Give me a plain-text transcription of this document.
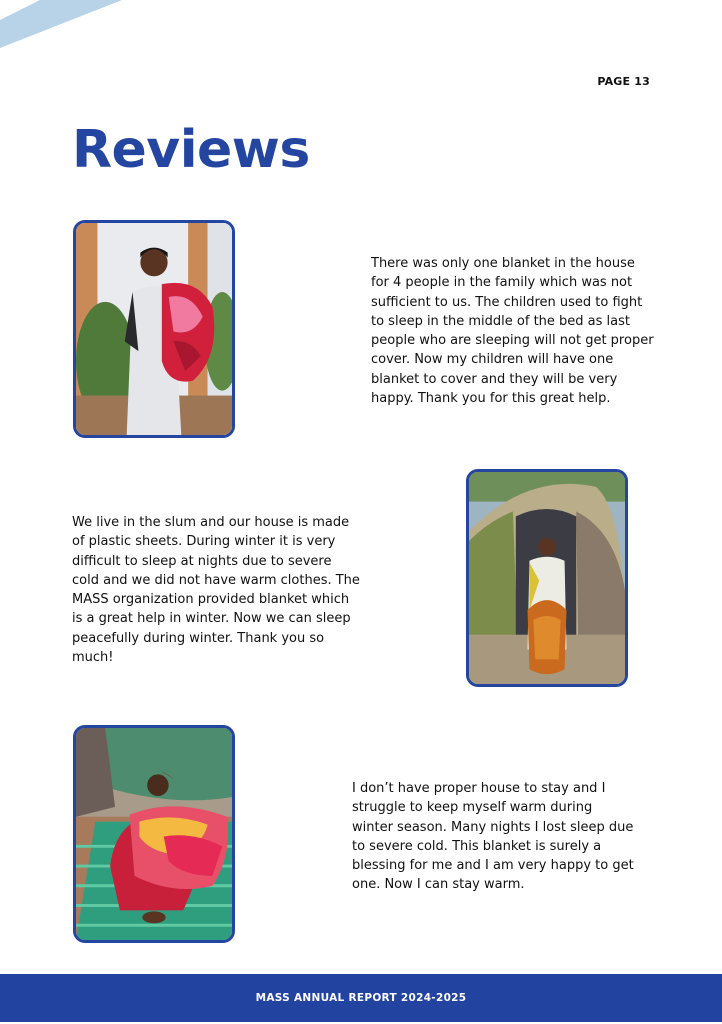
PAGE 13
Reviews

There was only one blanket in the house for 4 people in the family which was not sufficient to us. The children used to fight to sleep in the middle of the bed as last people who are sleeping will not get proper cover. Now my children will have one blanket to cover and they will be very happy. Thank you for this great help.

We live in the slum and our house is made of plastic sheets. During winter it is very difficult to sleep at nights due to severe cold and we did not have warm clothes. The MASS organization provided blanket which is a great help in winter. Now we can sleep peacefully during winter. Thank you so much!

I don’t have proper house to stay and I struggle to keep myself warm during winter season. Many nights I lost sleep due to severe cold. This blanket is surely a blessing for me and I am very happy to get one. Now I can stay warm.

MASS ANNUAL REPORT 2024-2025
